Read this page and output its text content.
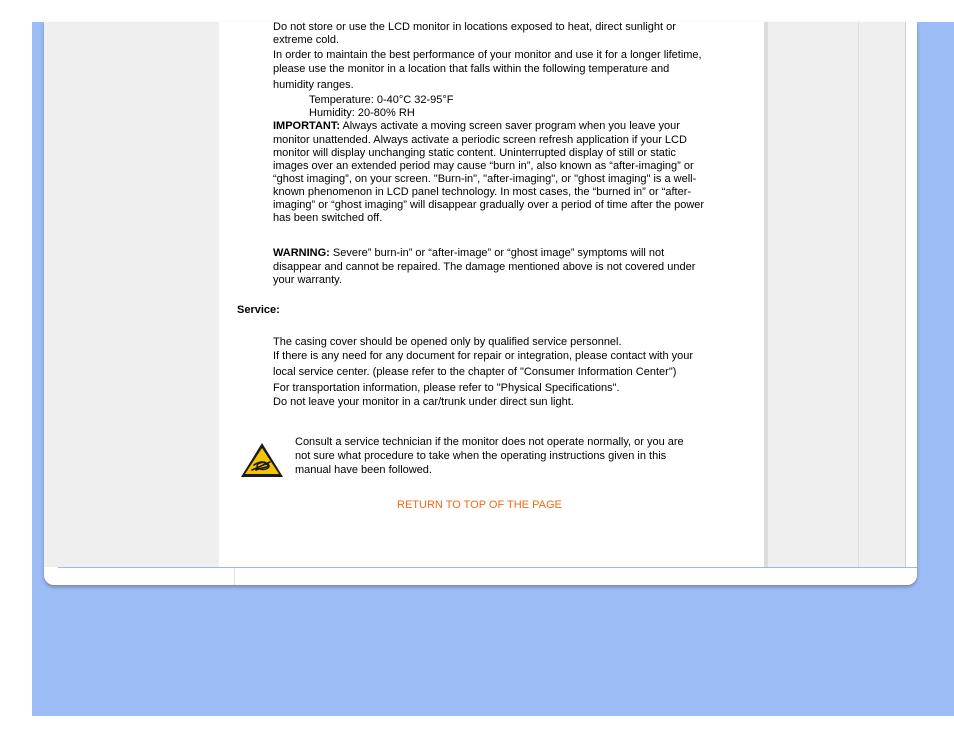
Do not store or use the LCD monitor in locations exposed to heat, direct sunlight or
extreme cold.
In order to maintain the best performance of your monitor and use it for a longer lifetime,
please use the monitor in a location that falls within the following temperature and
humidity ranges.
Temperature: 0-40°C 32-95°F
Humidity: 20-80% RH
IMPORTANT: Always activate a moving screen saver program when you leave your
monitor unattended. Always activate a periodic screen refresh application if your LCD
monitor will display unchanging static content. Uninterrupted display of still or static
images over an extended period may cause “burn in”, also known as “after-imaging” or
“ghost imaging”, on your screen. "Burn-in", "after-imaging", or "ghost imaging" is a well-
known phenomenon in LCD panel technology. In most cases, the “burned in” or “after-
imaging” or “ghost imaging” will disappear gradually over a period of time after the power
has been switched off.
WARNING: Severe” burn-in” or “after-image” or “ghost image” symptoms will not
disappear and cannot be repaired. The damage mentioned above is not covered under
your warranty.
Service:
The casing cover should be opened only by qualified service personnel.
If there is any need for any document for repair or integration, please contact with your
local service center. (please refer to the chapter of "Consumer Information Center")
For transportation information, please refer to "Physical Specifications".
Do not leave your monitor in a car/trunk under direct sun light.
Consult a service technician if the monitor does not operate normally, or you are
not sure what procedure to take when the operating instructions given in this
manual have been followed.
RETURN TO TOP OF THE PAGE
